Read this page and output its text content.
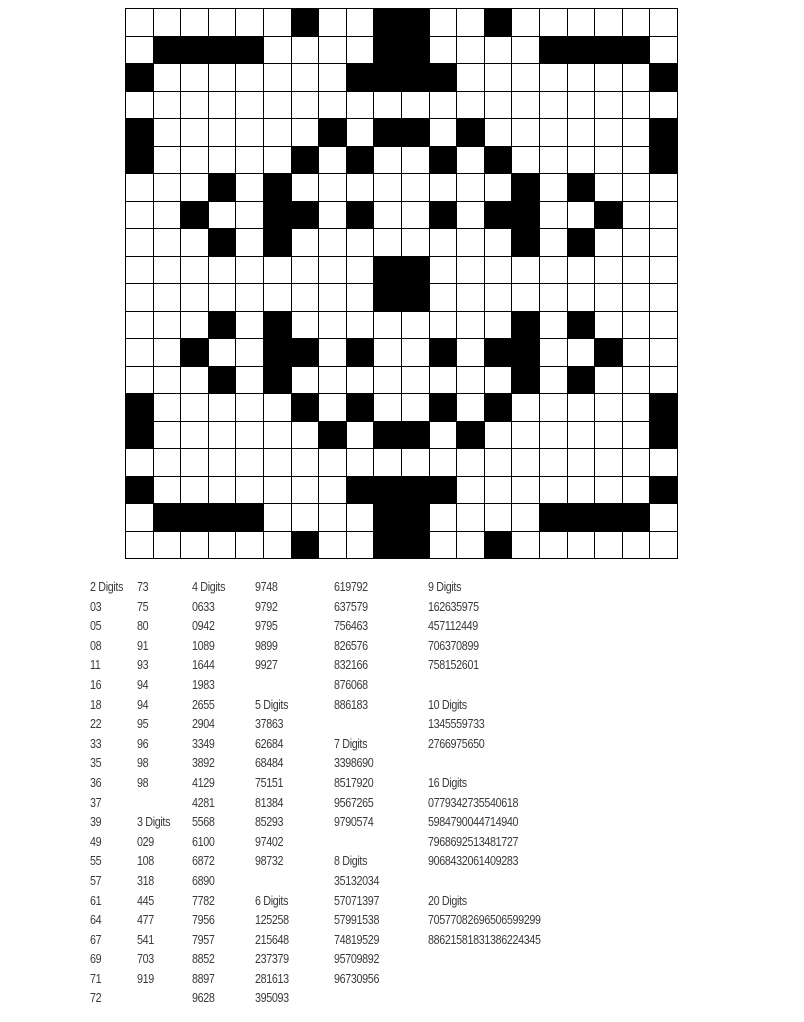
2 Digits
03
05
08
11
16
18
22
33
35
36
37
39
49
55
57
61
64
67
69
71
72
73
75
80
91
93
94
94
95
96
98
98
3 Digits
029
108
318
445
477
541
703
919
4 Digits
0633
0942
1089
1644
1983
2655
2904
3349
3892
4129
4281
5568
6100
6872
6890
7782
7956
7957
8852
8897
9628
9748
9792
9795
9899
9927
5 Digits
37863
62684
68484
75151
81384
85293
97402
98732
6 Digits
125258
215648
237379
281613
395093
619792
637579
756463
826576
832166
876068
886183
7 Digits
3398690
8517920
9567265
9790574
8 Digits
35132034
57071397
57991538
74819529
95709892
96730956
9 Digits
162635975
457112449
706370899
758152601
10 Digits
1345559733
2766975650
16 Digits
0779342735540618
5984790044714940
7968692513481727
9068432061409283
20 Digits
70577082696506599299
88621581831386224345
